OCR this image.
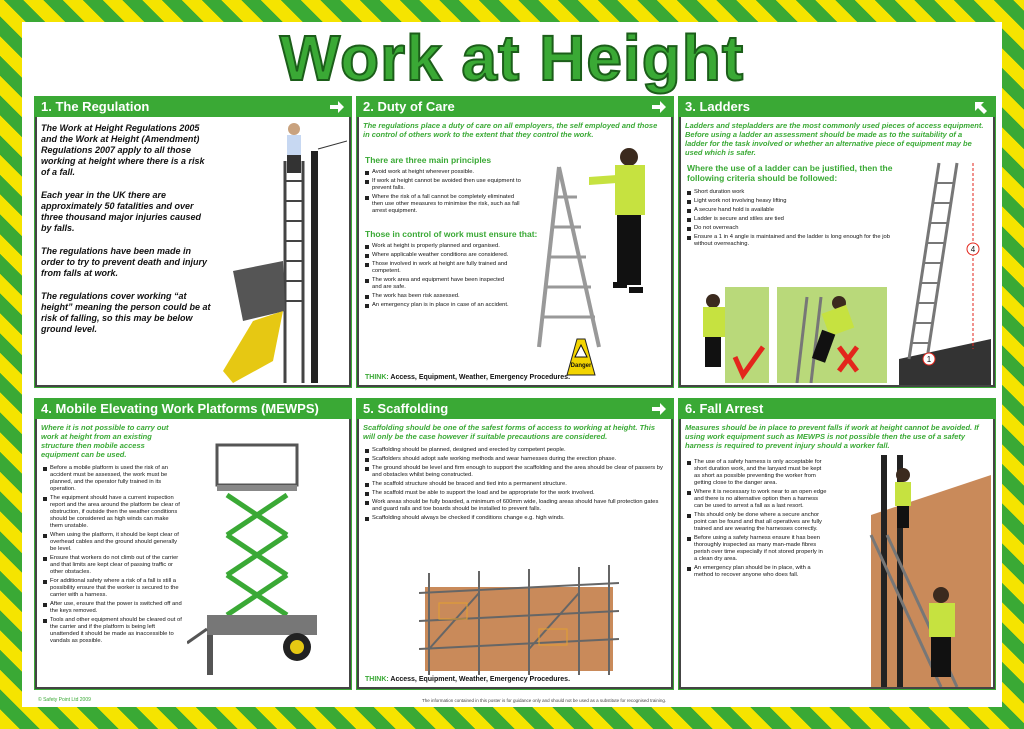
Work at Height
1. The Regulation

The Work at Height Regulations 2005 and the Work at Height (Amendment) Regulations 2007 apply to all those working at height where there is a risk of a fall.

Each year in the UK there are approximately 50 fatalities and over three thousand major injuries caused by falls.

The regulations have been made in order to try to prevent death and injury from falls at work.

The regulations cover working “at height” meaning the person could be at risk of falling, so this may be below ground level.

2. Duty of Care
The regulations place a duty of care on all employers, the self employed and those in control of others work to the extent that they control the work.
There are three main principles
Avoid work at height wherever possible.
If work at height cannot be avoided then use equipment to prevent falls.
Where the risk of a fall cannot be completely eliminated then use other measures to minimise the risk, such as fall arrest equipment.
Those in control of work must ensure that:
Work at height is properly planned and organised.
Where applicable weather conditions are considered.
Those involved in work at height are fully trained and competent.
The work area and equipment have been inspected and are safe.
The work has been risk assessed.
An emergency plan is in place in case of an accident.
Danger
THINK: Access, Equipment, Weather, Emergency Procedures.
3. Ladders
Ladders and stepladders are the most commonly used pieces of access equipment. Before using a ladder an assessment should be made as to the suitability of a ladder for the task involved or whether an alternative piece of equipment may be used which is safer.
Where the use of a ladder can be justified, then the following criteria should be followed:
Short duration work
Light work not involving heavy lifting
A secure hand hold is available
Ladder is secure and stiles are tied
Do not overreach
Ensure a 1 in 4 angle is maintained and the ladder is long enough for the job without overreaching.
4
1
4. Mobile Elevating Work Platforms (MEWPS)
Where it is not possible to carry out work at height from an existing structure then mobile access equipment can be used.
Before a mobile platform is used the risk of an accident must be assessed, the work must be planned, and the operator fully trained in its operation.
The equipment should have a current inspection report and the area around the platform be clear of obstruction, if outside then the weather conditions should be considered as high winds can make them unstable.
When using the platform, it should be kept clear of overhead cables and the ground should generally be level.
Ensure that workers do not climb out of the carrier and that limits are kept clear of passing traffic or other obstacles.
For additional safety where a risk of a fall is still a possibility ensure that the worker is secured to the carrier with a harness.
After use, ensure that the power is switched off and the keys removed.
Tools and other equipment should be cleared out of the carrier and if the platform is being left unattended it should be made as inaccessible to vandals as possible.
5. Scaffolding
Scaffolding should be one of the safest forms of access to working at height. This will only be the case however if suitable precautions are considered.
Scaffolding should be planned, designed and erected by competent people.
Scaffolders should adopt safe working methods and wear harnesses during the erection phase.
The ground should be level and firm enough to support the scaffolding and the area should be clear of passers by and obstacles whilst being constructed.
The scaffold structure should be braced and tied into a permanent structure.
The scaffold must be able to support the load and be appropriate for the work involved.
Work areas should be fully boarded, a minimum of 600mm wide, loading areas should have full protection gates and guard rails and toe boards should be installed to prevent falls.
Scaffolding should always be checked if conditions change e.g. high winds.
THINK: Access, Equipment, Weather, Emergency Procedures.
6. Fall Arrest
Measures should be in place to prevent falls if work at height cannot be avoided. If using work equipment such as MEWPS is not possible then the use of a safety harness is required to prevent injury should a worker fall.
The use of a safety harness is only acceptable for short duration work, and the lanyard must be kept as short as possible preventing the worker from getting close to the danger area.
Where it is necessary to work near to an open edge and there is no alternative option then a harness can be used to arrest a fall as a last resort.
This should only be done where a secure anchor point can be found and that all operatives are fully trained and are wearing the harnesses correctly.
Before using a safety harness ensure it has been thoroughly inspected as many man-made fibres perish over time especially if not stored properly in a clean dry area.
An emergency plan should be in place, with a method to recover anyone who does fall.
© Safety Point Ltd 2009	The information contained in this poster is for guidance only and should not be used as a substitute for recognised training.
